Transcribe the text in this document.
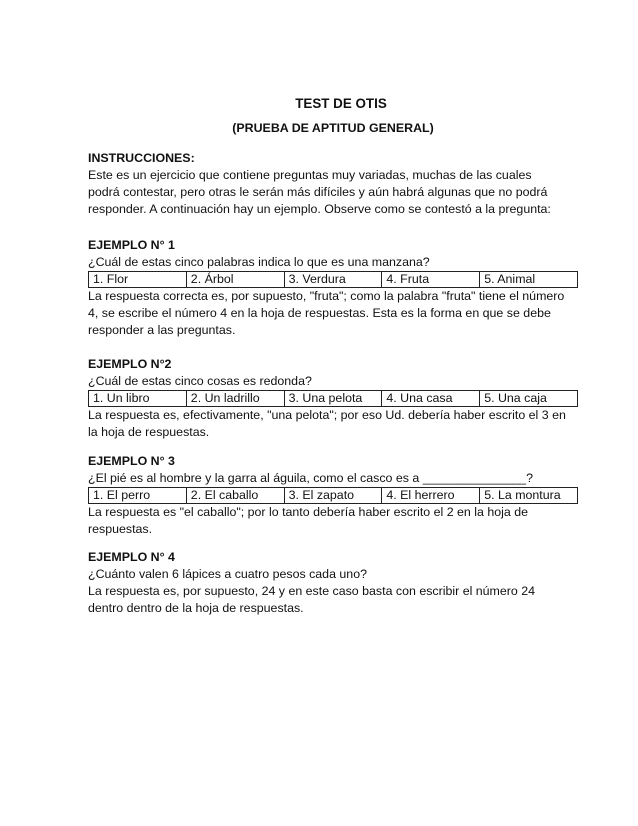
TEST DE OTIS
(PRUEBA DE APTITUD GENERAL)

INSTRUCCIONES:

Este es un ejercicio que contiene preguntas muy variadas, muchas de las cuales

podrá contestar, pero otras le serán más difíciles y aún habrá algunas que no podrá

responder. A continuación hay un ejemplo. Observe como se contestó a la pregunta:

EJEMPLO N° 1

¿Cuál de estas cinco palabras indica lo que es una manzana?

1. Flor	2. Árbol	3. Verdura	4. Fruta	5. Animal

La respuesta correcta es, por supuesto, "fruta"; como la palabra "fruta" tiene el número

4, se escribe el número 4 en la hoja de respuestas. Esta es la forma en que se debe

responder a las preguntas.

EJEMPLO N°2

¿Cuál de estas cinco cosas es redonda?

1. Un libro	2. Un ladrillo	3. Una pelota	4. Una casa	5. Una caja

La respuesta es, efectivamente, "una pelota"; por eso Ud. debería haber escrito el 3 en

la hoja de respuestas.

EJEMPLO N° 3

¿El pié es al hombre y la garra al águila, como el casco es a _______________?

1. El perro	2. El caballo	3. El zapato	4. El herrero	5. La montura

La respuesta es "el caballo"; por lo tanto debería haber escrito el 2 en la hoja de

respuestas.

EJEMPLO N° 4

¿Cuánto valen 6 lápices a cuatro pesos cada uno?

La respuesta es, por supuesto, 24 y en este caso basta con escribir el número 24

dentro dentro de la hoja de respuestas.
